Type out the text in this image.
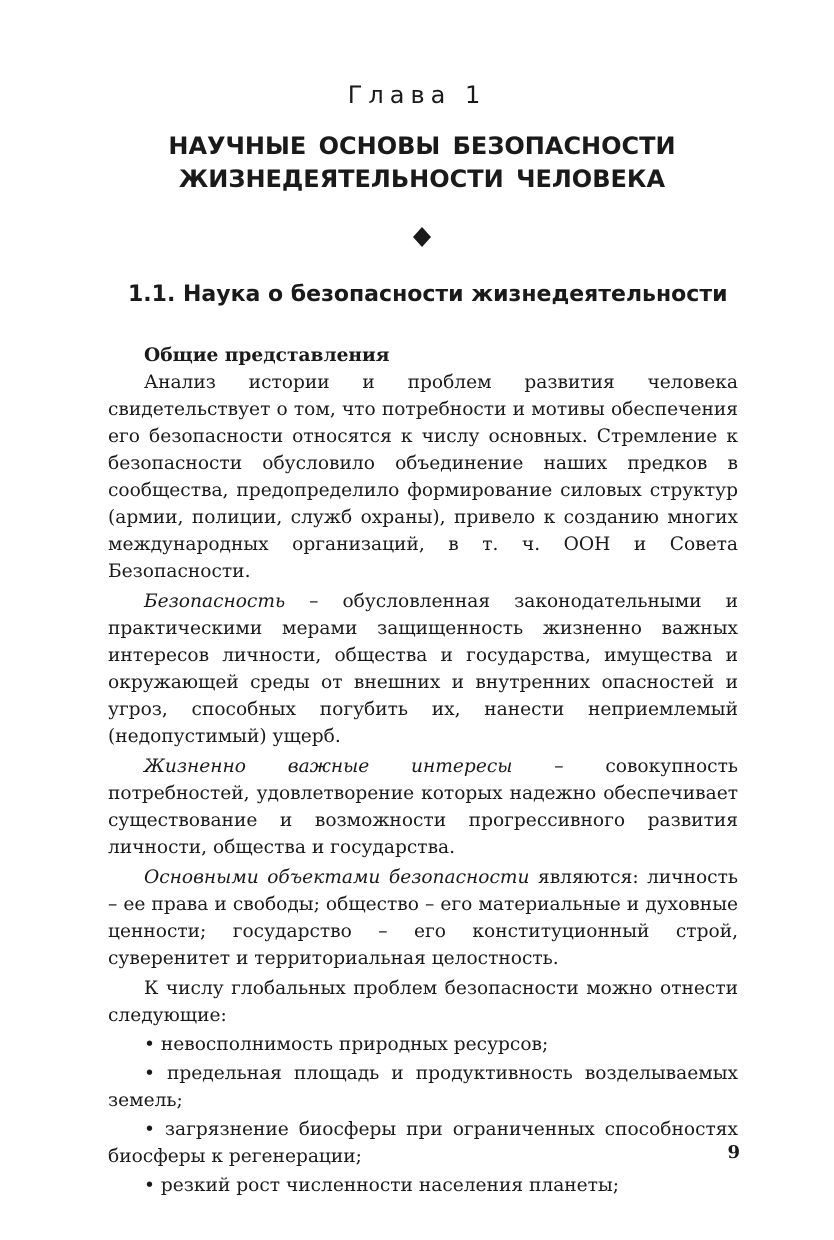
Глава 1
НАУЧНЫЕ ОСНОВЫ БЕЗОПАСНОСТИ
ЖИЗНЕДЕЯТЕЛЬНОСТИ ЧЕЛОВЕКА
1.1. Наука о безопасности жизнедеятельности

Общие представления

Анализ истории и проблем развития человека свидетельствует о том, что потребности и мотивы обеспечения его безопасности относятся к числу основных. Стремление к безопасности обусловило объединение наших предков в сообщества, предопределило формирование силовых структур (армии, полиции, служб охраны), привело к созданию многих международных организаций, в т. ч. ООН и Совета Безопасности.

Безопасность – обусловленная законодательными и практическими мерами защищенность жизненно важных интересов личности, общества и государства, имущества и окружающей среды от внешних и внутренних опасностей и угроз, способных погубить их, нанести неприемлемый (недопустимый) ущерб.

Жизненно важные интересы – совокупность потребностей, удовлетворение которых надежно обеспечивает существование и возможности прогрессивного развития личности, общества и государства.

Основными объектами безопасности являются: личность – ее права и свободы; общество – его материальные и духовные ценности; государство – его конституционный строй, суверенитет и территориальная целостность.

К числу глобальных проблем безопасности можно отнести следующие:

• невосполнимость природных ресурсов;

• предельная площадь и продуктивность возделываемых земель;

• загрязнение биосферы при ограниченных способностях биосферы к регенерации;

• резкий рост численности населения планеты;

9
